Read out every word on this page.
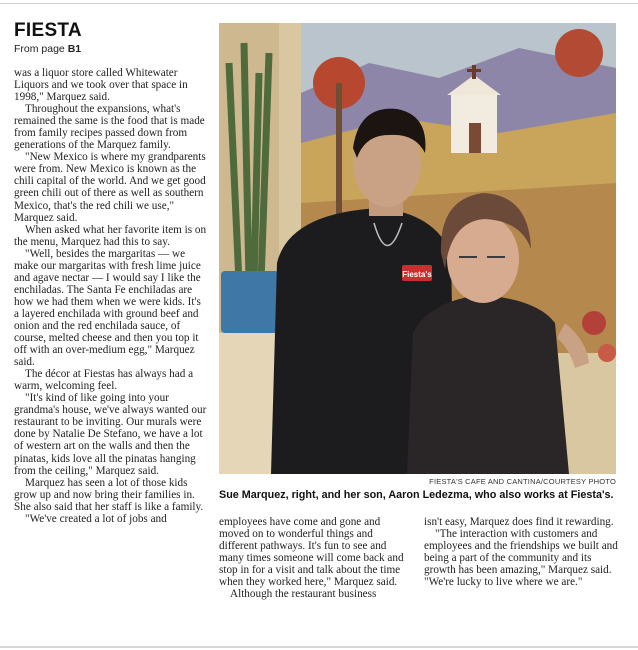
FIESTA
From page B1

was a liquor store called Whitewater Liquors and we took over that space in 1998," Marquez said.

Throughout the expansions, what's remained the same is the food that is made from family recipes passed down from generations of the Marquez family.

"New Mexico is where my grandparents were from. New Mexico is known as the chili capital of the world. And we get good green chili out of there as well as southern Mexico, that's the red chili we use," Marquez said.

When asked what her favorite item is on the menu, Marquez had this to say.

"Well, besides the margaritas — we make our margaritas with fresh lime juice and agave nectar — I would say I like the enchiladas. The Santa Fe enchiladas are how we had them when we were kids. It's a layered enchilada with ground beef and onion and the red enchilada sauce, of course, melted cheese and then you top it off with an over-medium egg," Marquez said.

The décor at Fiestas has always had a warm, welcoming feel.

"It's kind of like going into your grandma's house, we've always wanted our restaurant to be inviting. Our murals were done by Natalie De Stefano, we have a lot of western art on the walls and then the pinatas, kids love all the pinatas hanging from the ceiling," Marquez said.

Marquez has seen a lot of those kids grow up and now bring their families in. She also said that her staff is like a family.

"We've created a lot of jobs and

Fiesta's
FIESTA'S CAFE AND CANTINA/COURTESY PHOTO
Sue Marquez, right, and her son, Aaron Ledezma, who also works at Fiesta's.

employees have come and gone and moved on to wonderful things and different pathways. It's fun to see and many times someone will come back and stop in for a visit and talk about the time when they worked here," Marquez said.

Although the restaurant business

isn't easy, Marquez does find it rewarding.

"The interaction with customers and employees and the friendships we built and being a part of the community and its growth has been amazing," Marquez said. "We're lucky to live where we are."
